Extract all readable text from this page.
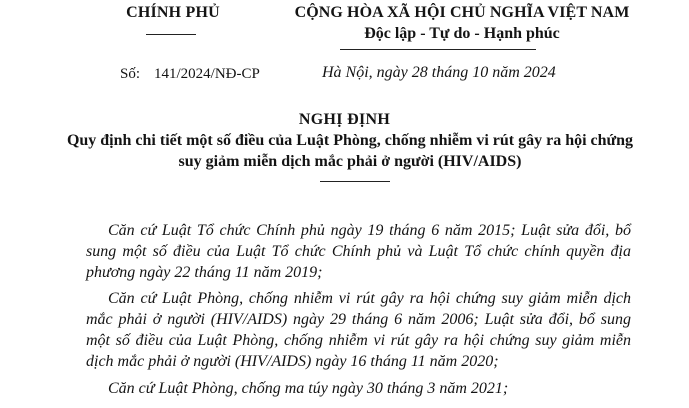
CHÍNH PHỦ	CỘNG HÒA XÃ HỘI CHỦ NGHĨA VIỆT NAM
Độc lập - Tự do - Hạnh phúc
Số: 141/2024/NĐ-CP	Hà Nội, ngày 28 tháng 10 năm 2024
NGHỊ ĐỊNH
Quy định chi tiết một số điều của Luật Phòng, chống nhiễm vi rút gây ra hội chứng suy giảm miễn dịch mắc phải ở người (HIV/AIDS)
Căn cứ Luật Tổ chức Chính phủ ngày 19 tháng 6 năm 2015; Luật sửa đổi, bổ sung một số điều của Luật Tổ chức Chính phủ và Luật Tổ chức chính quyền địa phương ngày 22 tháng 11 năm 2019;
Căn cứ Luật Phòng, chống nhiễm vi rút gây ra hội chứng suy giảm miễn dịch mắc phải ở người (HIV/AIDS) ngày 29 tháng 6 năm 2006; Luật sửa đổi, bổ sung một số điều của Luật Phòng, chống nhiễm vi rút gây ra hội chứng suy giảm miễn dịch mắc phải ở người (HIV/AIDS) ngày 16 tháng 11 năm 2020;
Căn cứ Luật Phòng, chống ma túy ngày 30 tháng 3 năm 2021;
